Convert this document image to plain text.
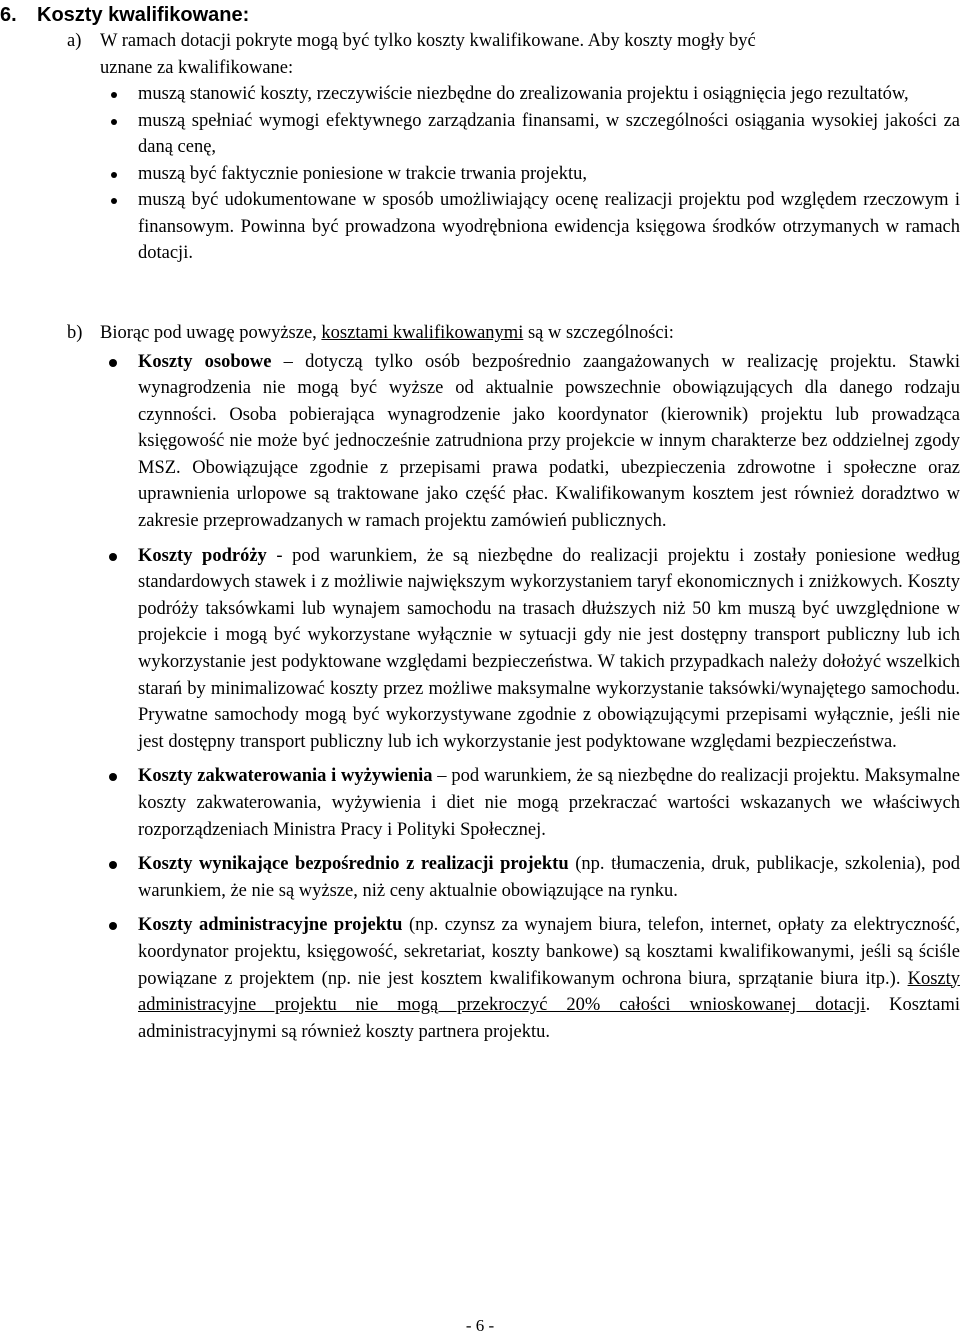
6. Koszty kwalifikowane:

a) W ramach dotacji pokryte mogą być tylko koszty kwalifikowane. Aby koszty mogły być
uznane za kwalifikowane:

muszą stanowić koszty, rzeczywiście niezbędne do zrealizowania projektu i osiągnięcia jego rezultatów,
muszą spełniać wymogi efektywnego zarządzania finansami, w szczególności osiągania wysokiej jakości za daną cenę,
muszą być faktycznie poniesione w trakcie trwania projektu,
muszą być udokumentowane w sposób umożliwiający ocenę realizacji projektu pod względem rzeczowym i finansowym. Powinna być prowadzona wyodrębniona ewidencja księgowa środków otrzymanych w ramach dotacji.

b) Biorąc pod uwagę powyższe, kosztami kwalifikowanymi są w szczególności:

Koszty osobowe – dotyczą tylko osób bezpośrednio zaangażowanych w realizację projektu. Stawki wynagrodzenia nie mogą być wyższe od aktualnie powszechnie obowiązujących dla danego rodzaju czynności. Osoba pobierająca wynagrodzenie jako koordynator (kierownik) projektu lub prowadząca księgowość nie może być jednocześnie zatrudniona przy projekcie w innym charakterze bez oddzielnej zgody MSZ. Obowiązujące zgodnie z przepisami prawa podatki, ubezpieczenia zdrowotne i społeczne oraz uprawnienia urlopowe są traktowane jako część płac. Kwalifikowanym kosztem jest również doradztwo w zakresie przeprowadzanych w ramach projektu zamówień publicznych.
Koszty podróży - pod warunkiem, że są niezbędne do realizacji projektu i zostały poniesione według standardowych stawek i z możliwie największym wykorzystaniem taryf ekonomicznych i zniżkowych. Koszty podróży taksówkami lub wynajem samochodu na trasach dłuższych niż 50 km muszą być uwzględnione w projekcie i mogą być wykorzystane wyłącznie w sytuacji gdy nie jest dostępny transport publiczny lub ich wykorzystanie jest podyktowane względami bezpieczeństwa. W takich przypadkach należy dołożyć wszelkich starań by minimalizować koszty przez możliwe maksymalne wykorzystanie taksówki/wynajętego samochodu. Prywatne samochody mogą być wykorzystywane zgodnie z obowiązującymi przepisami wyłącznie, jeśli nie jest dostępny transport publiczny lub ich wykorzystanie jest podyktowane względami bezpieczeństwa.
Koszty zakwaterowania i wyżywienia – pod warunkiem, że są niezbędne do realizacji projektu. Maksymalne koszty zakwaterowania, wyżywienia i diet nie mogą przekraczać wartości wskazanych we właściwych rozporządzeniach Ministra Pracy i Polityki Społecznej.
Koszty wynikające bezpośrednio z realizacji projektu (np. tłumaczenia, druk, publikacje, szkolenia), pod warunkiem, że nie są wyższe, niż ceny aktualnie obowiązujące na rynku.
Koszty administracyjne projektu (np. czynsz za wynajem biura, telefon, internet, opłaty za elektryczność, koordynator projektu, księgowość, sekretariat, koszty bankowe) są kosztami kwalifikowanymi, jeśli są ściśle powiązane z projektem (np. nie jest kosztem kwalifikowanym ochrona biura, sprzątanie biura itp.). Koszty administracyjne projektu nie mogą przekroczyć 20% całości wnioskowanej dotacji. Kosztami administracyjnymi są również koszty partnera projektu.
- 6 -
